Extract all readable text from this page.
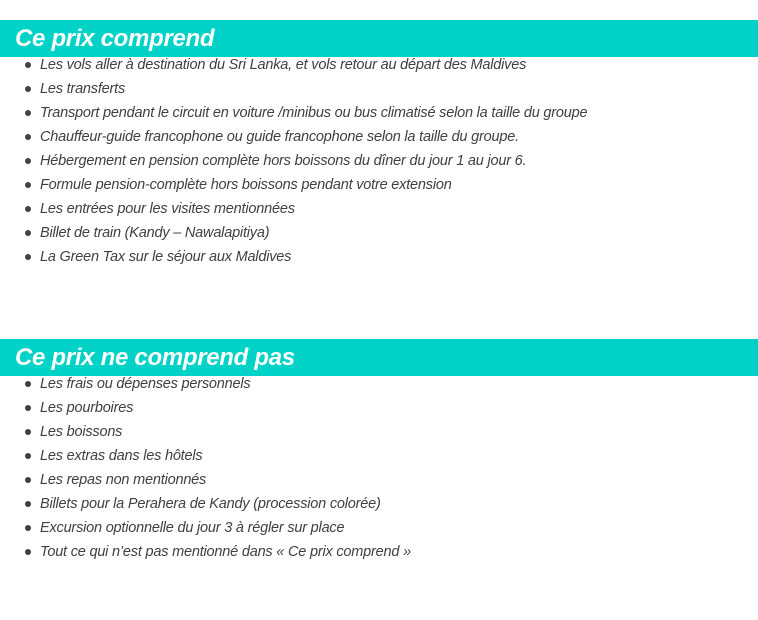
Ce prix comprend
Les vols aller à destination du Sri Lanka, et vols retour au départ des Maldives
Les transferts
Transport pendant le circuit en voiture /minibus ou bus climatisé selon la taille du groupe
Chauffeur-guide francophone ou guide francophone selon la taille du groupe.
Hébergement en pension complète hors boissons du dîner du jour 1 au jour 6.
Formule pension-complète hors boissons pendant votre extension
Les entrées pour les visites mentionnées
Billet de train (Kandy – Nawalapitiya)
La Green Tax sur le séjour aux Maldives
Ce prix ne comprend pas
Les frais ou dépenses personnels
Les pourboires
Les boissons
Les extras dans les hôtels
Les repas non mentionnés
Billets pour la Perahera de Kandy (procession colorée)
Excursion optionnelle du jour 3 à régler sur place
Tout ce qui n’est pas mentionné dans « Ce prix comprend »
